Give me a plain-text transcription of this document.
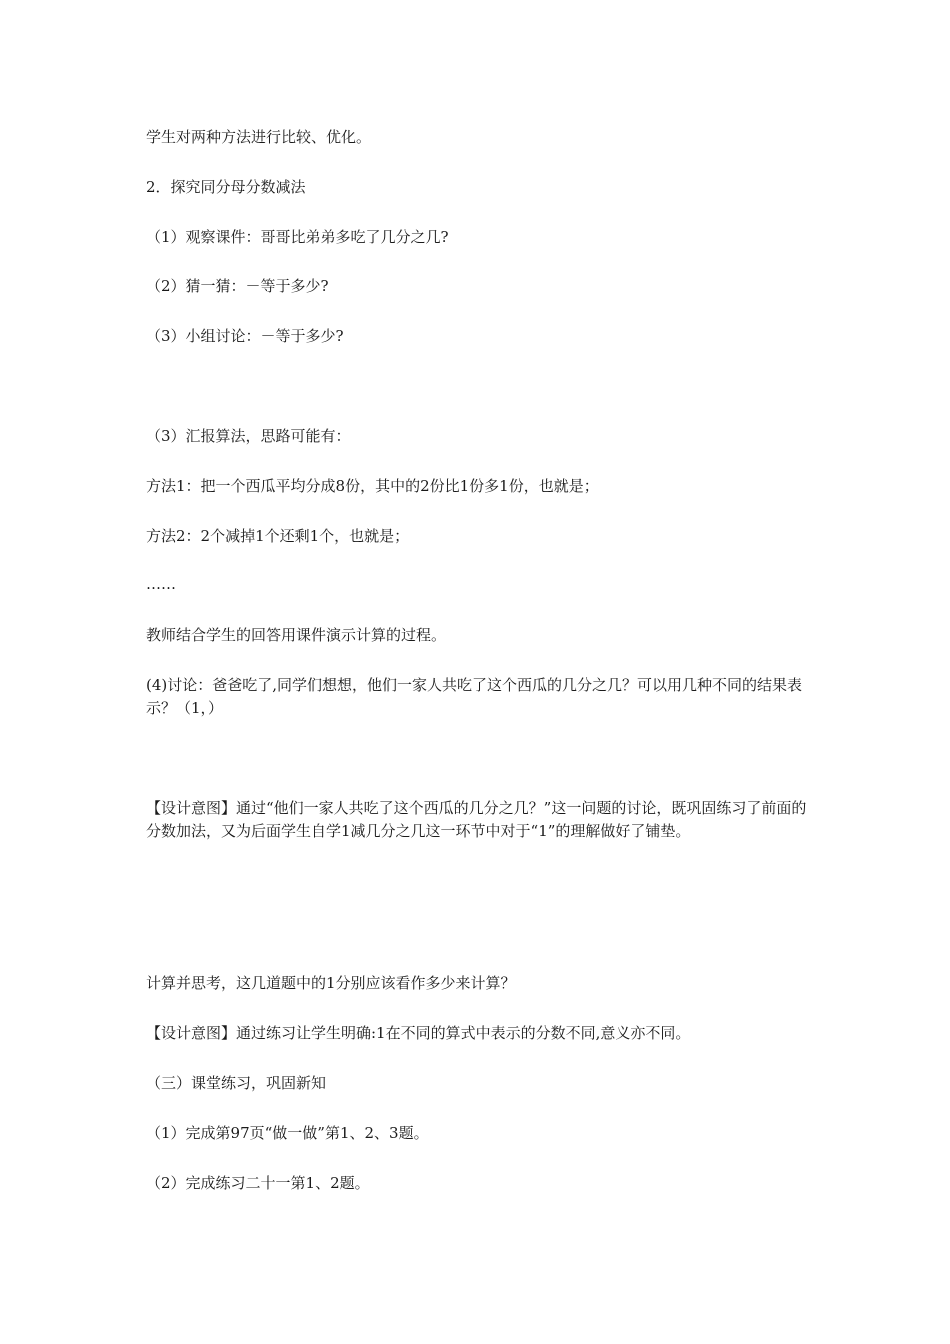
学生对两种方法进行比较、优化。
2．探究同分母分数减法
（1）观察课件：哥哥比弟弟多吃了几分之几?
（2）猜一猜：－等于多少?
（3）小组讨论：－等于多少?
（3）汇报算法，思路可能有：
方法1：把一个西瓜平均分成8份，其中的2份比1份多1份，也就是；
方法2：2个减掉1个还剩1个，也就是；
……
教师结合学生的回答用课件演示计算的过程。
(4)讨论：爸爸吃了,同学们想想，他们一家人共吃了这个西瓜的几分之几？可以用几种不同的结果表示？（1，）
【设计意图】通过“他们一家人共吃了这个西瓜的几分之几？”这一问题的讨论，既巩固练习了前面的分数加法，又为后面学生自学1减几分之几这一环节中对于“1”的理解做好了铺垫。
计算并思考，这几道题中的1分别应该看作多少来计算？
【设计意图】通过练习让学生明确:1在不同的算式中表示的分数不同,意义亦不同。
（三）课堂练习，巩固新知
（1）完成第97页“做一做”第1、2、3题。
（2）完成练习二十一第1、2题。
